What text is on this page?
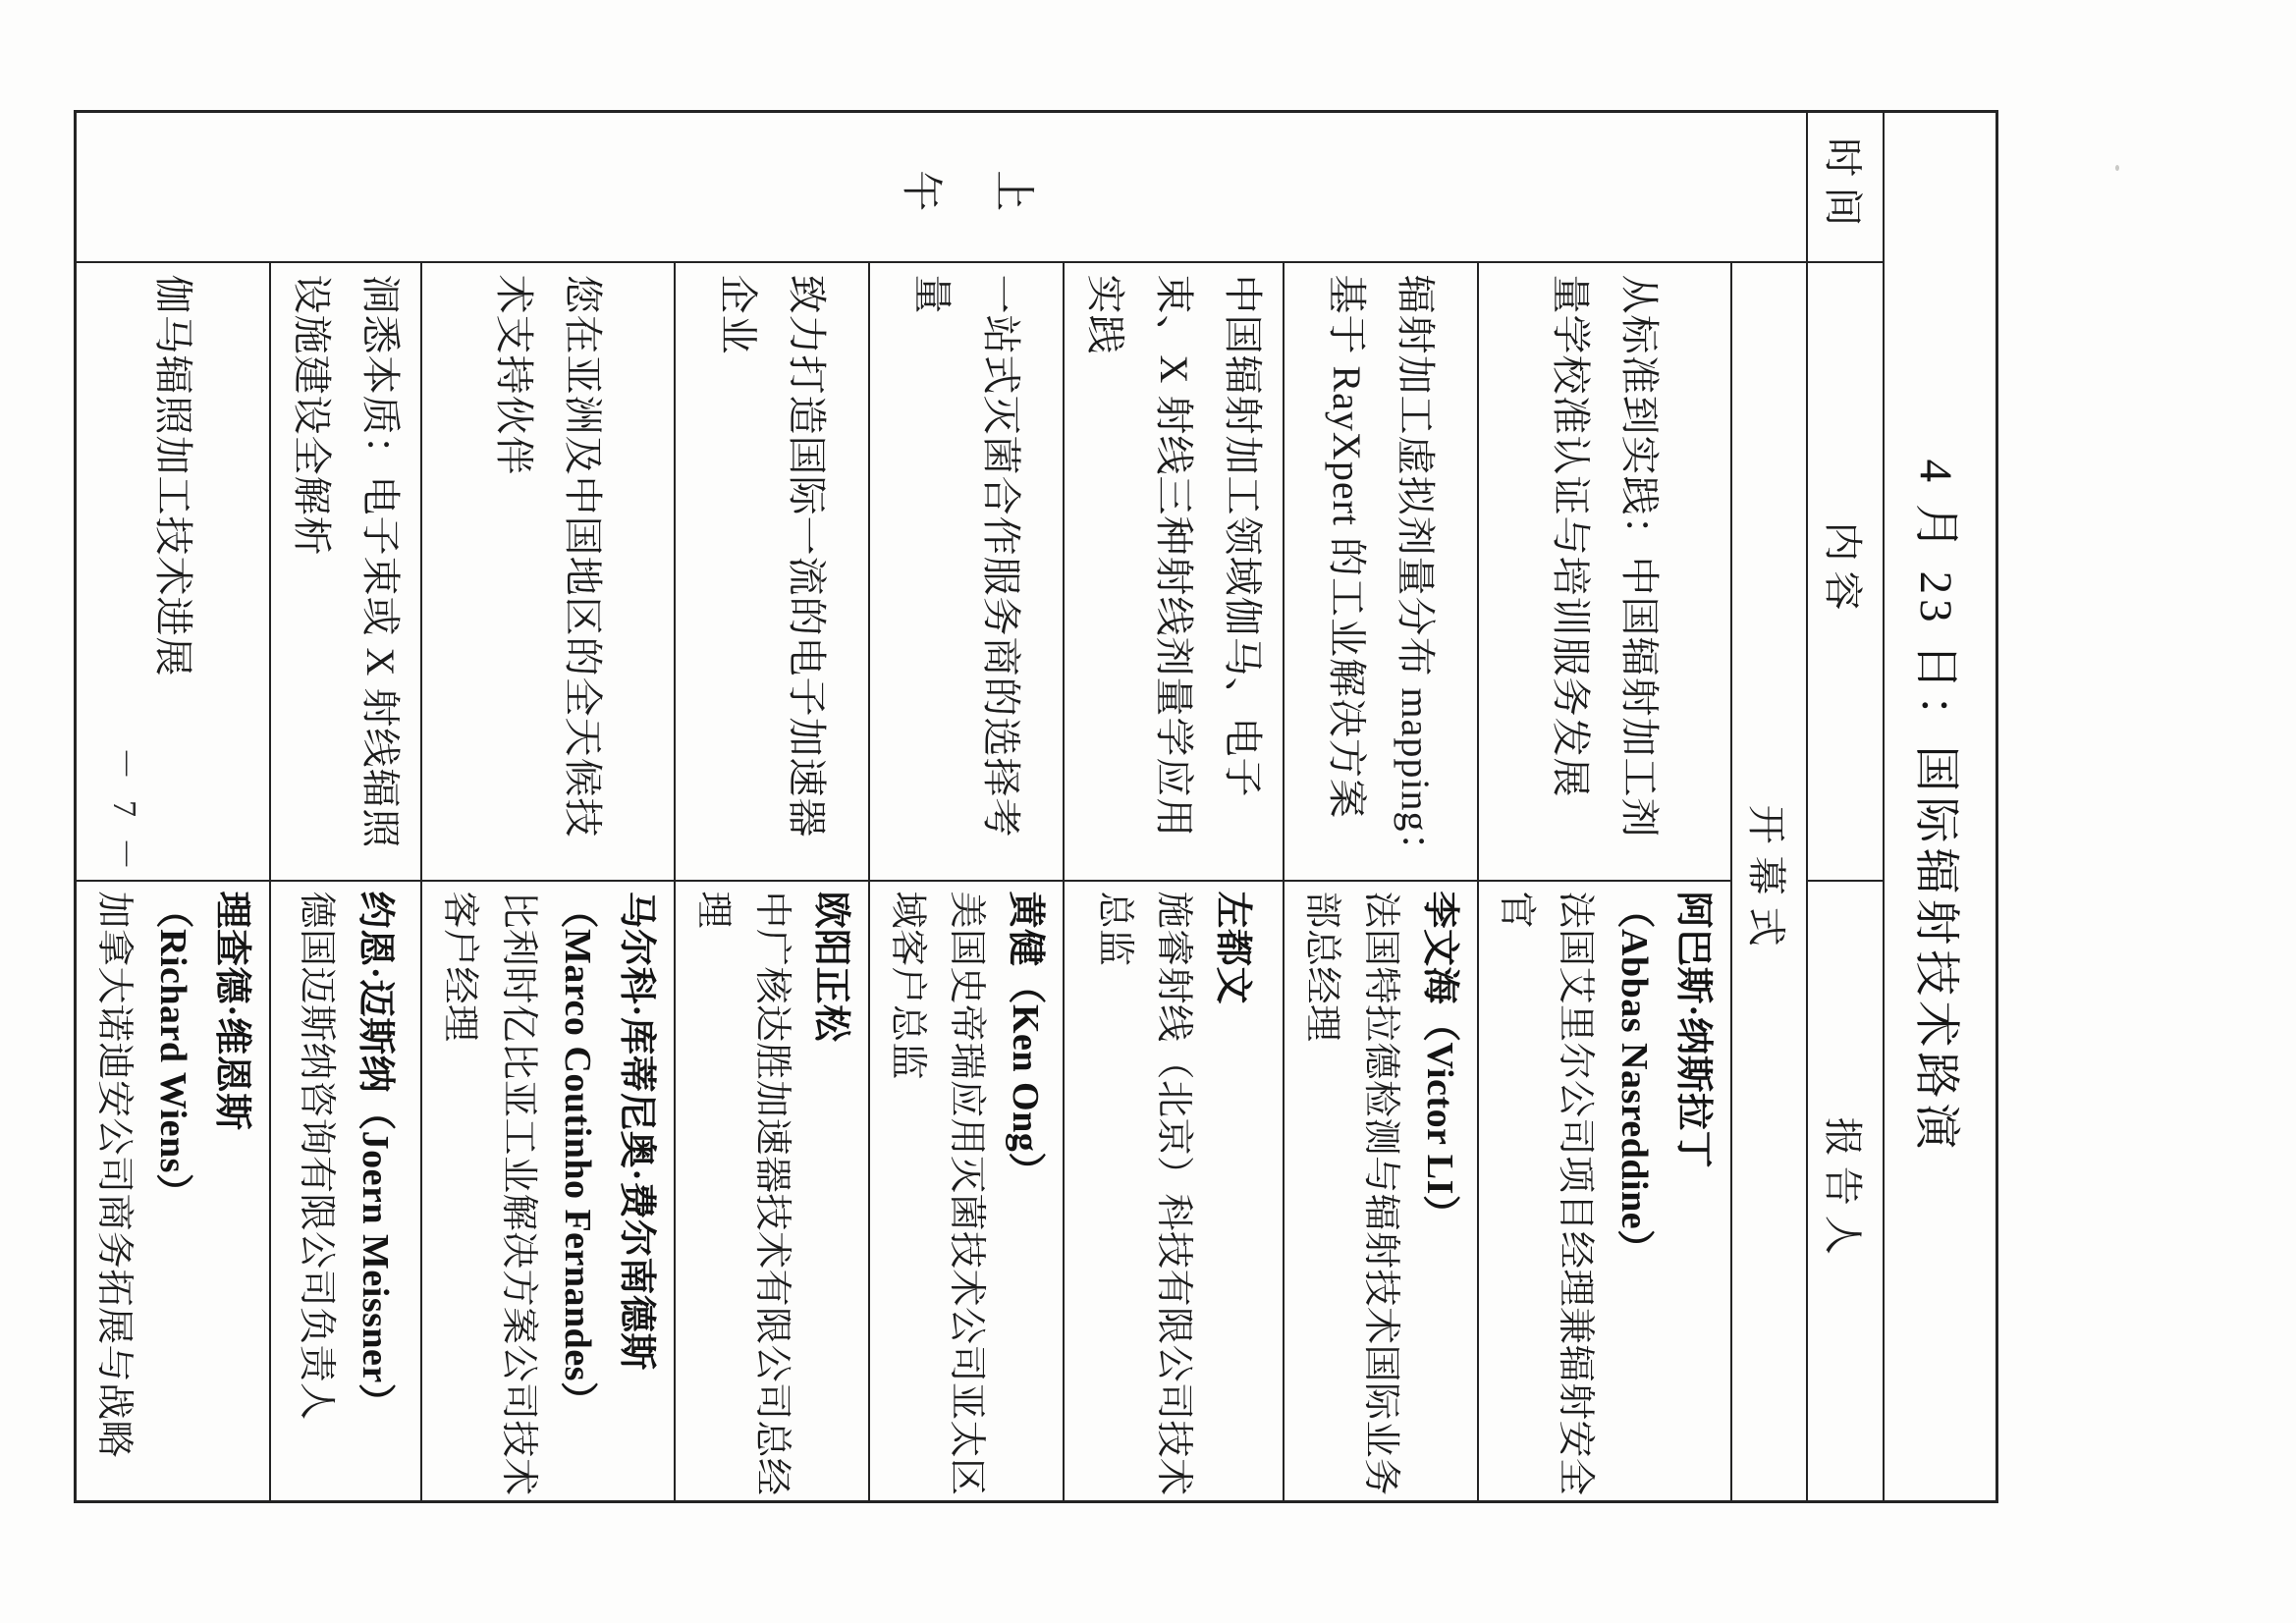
4 月 23 日：国际辐射技术路演		
时间	内容	报告人
上午	开幕式	
	从标准到实践：中国辐射加工剂量学校准认证与培训服务发展	阿巴斯·纳斯拉丁
（Abbas Nasreddine）
法国艾里尔公司项目经理兼辐射安全官

	辐射加工虚拟剂量分布 mapping：基于 RayXpert 的工业解决方案	李文海（Victor LI）
法国特拉德检测与辐射技术国际业务部总经理

	中国辐射加工领域伽马、电子束、X 射线三种射线剂量学应用实践	左都文
施睿射线（北京）科技有限公司技术总监

	一站式灭菌合作服务商的选择考量	黄健（Ken Ong）
美国史帝瑞应用灭菌技术公司亚太区域客户总监

	致力打造国际一流的电子加速器企业	欧阳正松
中广核达胜加速器技术有限公司总经理

	您在亚洲及中国地区的全天候技术支持伙伴	马尔科·库蒂尼奥·费尔南德斯
（Marco Coutinho Fernandes）
比利时亿比亚工业解决方案公司技术客户经理

	洞悉本质：电子束或 X 射线辐照设施建设全解析	约恩·迈斯纳（Joern Meissner）
德国迈斯纳咨询有限公司负责人

	伽马辐照加工技术进展	理查德·维恩斯
（Richard Wiens）
加拿大诺迪安公司商务拓展与战略
－ 7 －
